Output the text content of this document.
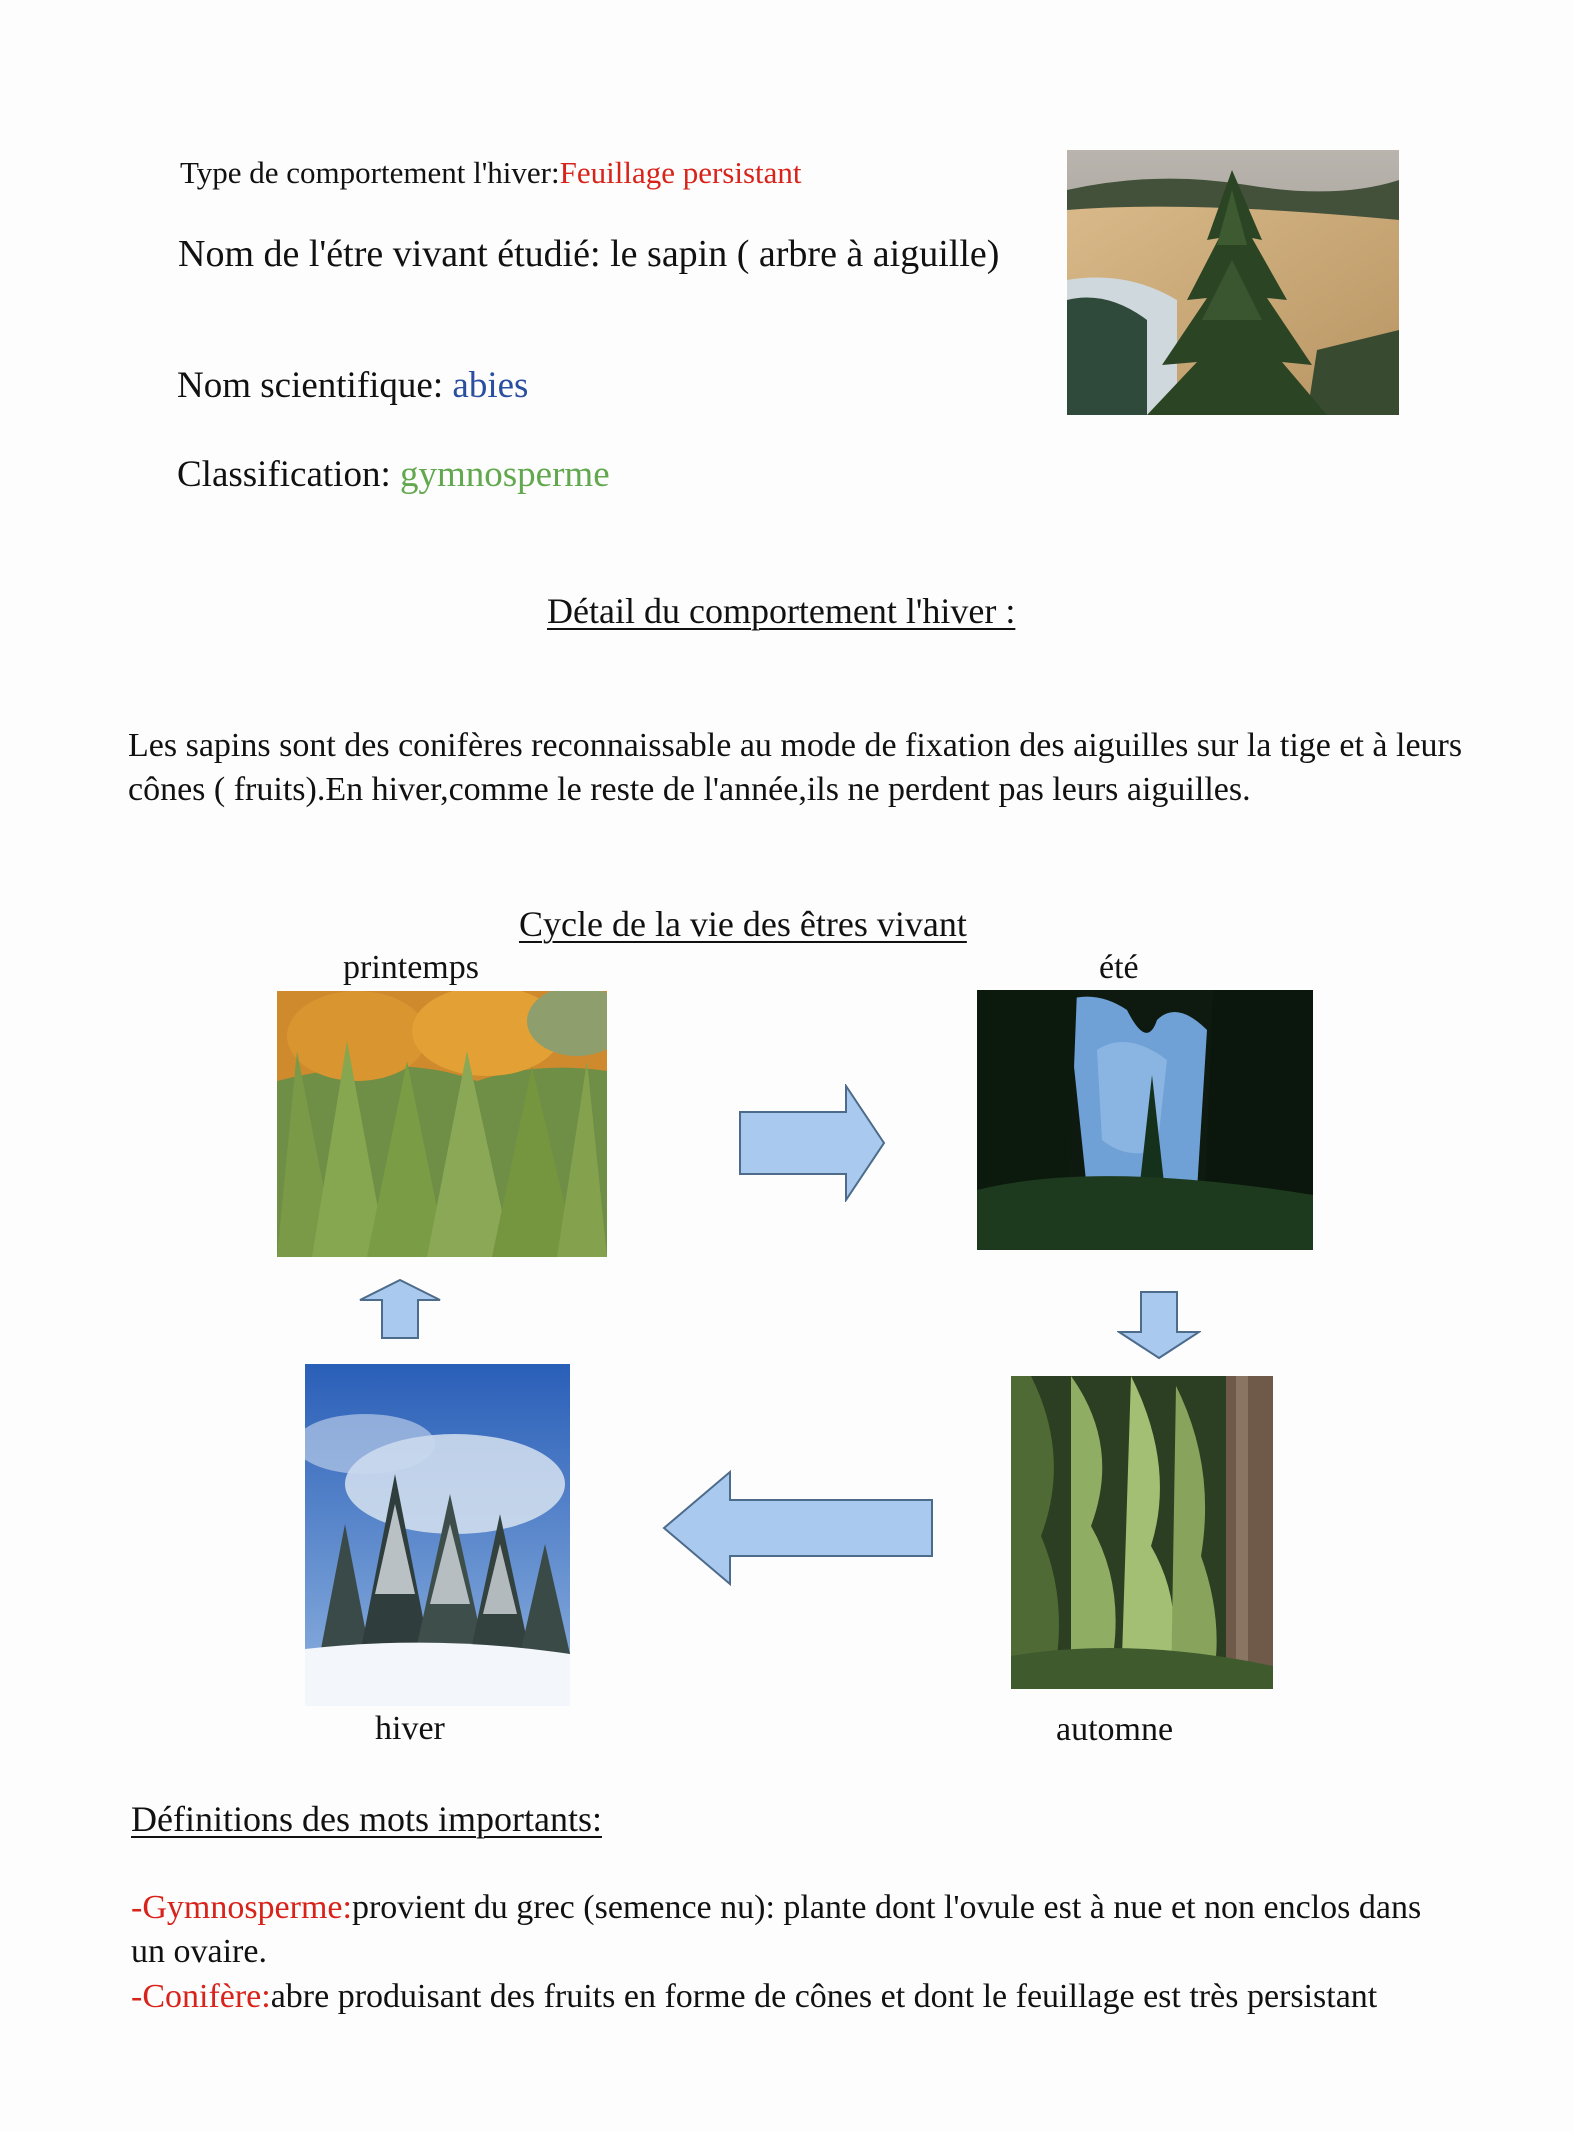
Type de comportement l'hiver:Feuillage persistant
Nom de l'étre vivant étudié: le sapin ( arbre à aiguille)
Nom scientifique: abies
Classification: gymnosperme
Détail du comportement l'hiver :
Les sapins sont des conifères reconnaissable au mode de fixation des aiguilles sur la tige et à leurs cônes ( fruits).En hiver,comme le reste de l'année,ils ne perdent pas leurs aiguilles.
Cycle de la vie des êtres vivant
printemps	été
hiver	automne
Définitions des mots importants:
-Gymnosperme:provient du grec (semence nu): plante dont l'ovule est à nue et non enclos dans un ovaire.
-Conifère:abre produisant des fruits en forme de cônes et dont le feuillage est très persistant
